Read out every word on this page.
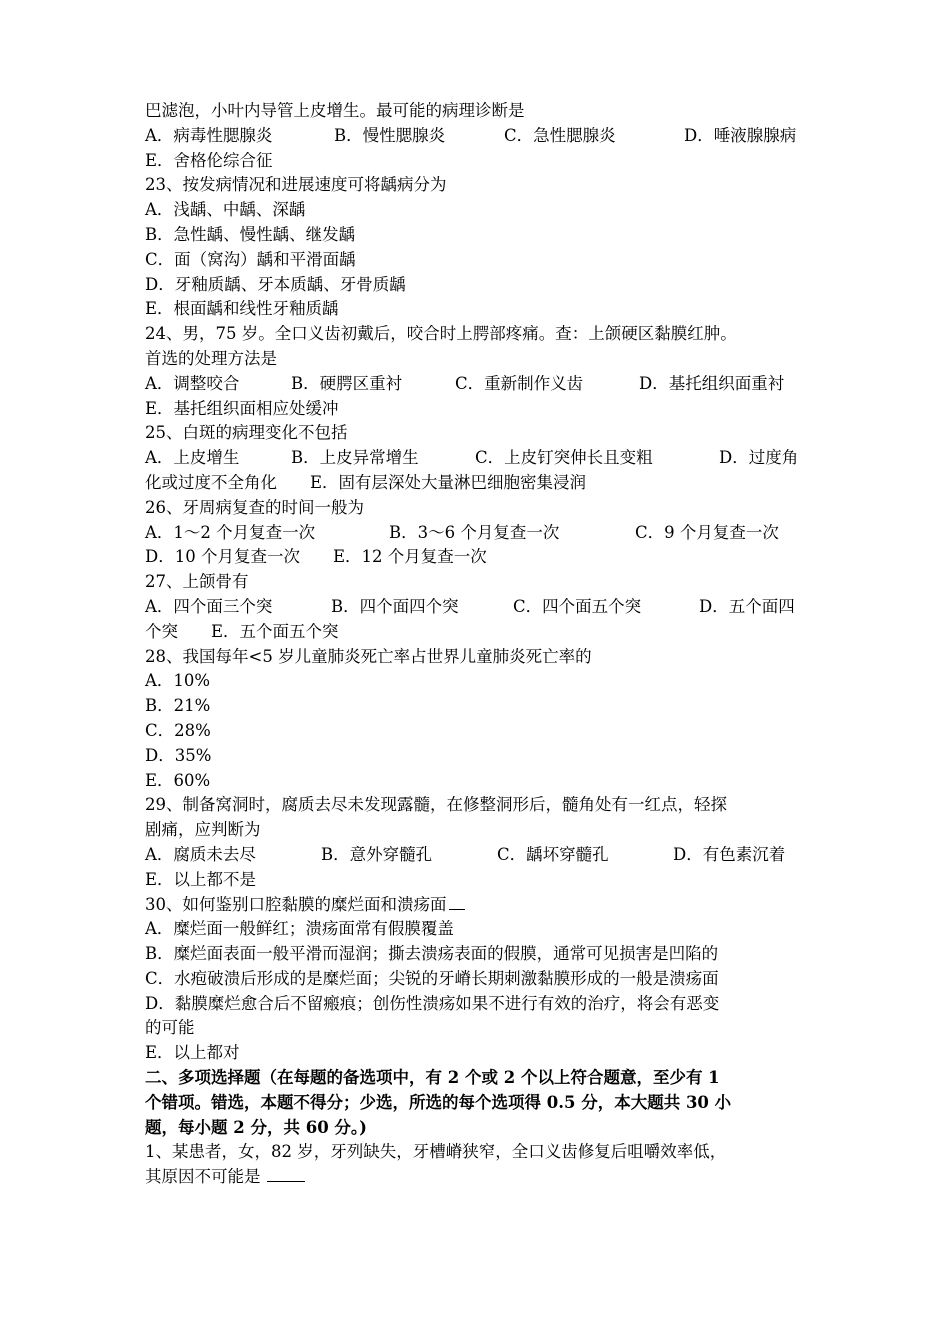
巴滤泡，小叶内导管上皮增生。最可能的病理诊断是
A．病毒性腮腺炎	B．慢性腮腺炎	C．急性腮腺炎	D．唾液腺腺病
E．舍格伦综合征
23、按发病情况和进展速度可将龋病分为
A．浅龋、中龋、深龋
B．急性龋、慢性龋、继发龋
C．面（窝沟）龋和平滑面龋
D．牙釉质龋、牙本质龋、牙骨质龋
E．根面龋和线性牙釉质龋
24、男，75 岁。全口义齿初戴后，咬合时上腭部疼痛。查：上颌硬区黏膜红肿。
首选的处理方法是
A．调整咬合	B．硬腭区重衬	C．重新制作义齿	D．基托组织面重衬
E．基托组织面相应处缓冲
25、白斑的病理变化不包括
A．上皮增生	B．上皮异常增生	C．上皮钉突伸长且变粗	D．过度角
化或过度不全角化　　E．固有层深处大量淋巴细胞密集浸润
26、牙周病复查的时间一般为
A．1～2 个月复查一次	B．3～6 个月复查一次	C．9 个月复查一次
D．10 个月复查一次　　E．12 个月复查一次
27、上颌骨有
A．四个面三个突	B．四个面四个突	C．四个面五个突	D．五个面四
个突　　E．五个面五个突
28、我国每年<5 岁儿童肺炎死亡率占世界儿童肺炎死亡率的
A．10%
B．21%
C．28%
D．35%
E．60%
29、制备窝洞时，腐质去尽未发现露髓，在修整洞形后，髓角处有一红点，轻探
剧痛，应判断为
A．腐质未去尽	B．意外穿髓孔	C．龋坏穿髓孔	D．有色素沉着
E．以上都不是
30、如何鉴别口腔黏膜的糜烂面和溃疡面
A．糜烂面一般鲜红；溃疡面常有假膜覆盖
B．糜烂面表面一般平滑而湿润；撕去溃疡表面的假膜，通常可见损害是凹陷的
C．水疱破溃后形成的是糜烂面；尖锐的牙嵴长期刺激黏膜形成的一般是溃疡面
D．黏膜糜烂愈合后不留瘢痕；创伤性溃疡如果不进行有效的治疗，将会有恶变
的可能
E．以上都对
二、多项选择题（在每题的备选项中，有 2 个或 2 个以上符合题意，至少有 1
个错项。错选，本题不得分；少选，所选的每个选项得 0.5 分，本大题共 30 小
题，每小题 2 分，共 60 分。)
1、某患者，女，82 岁，牙列缺失，牙槽嵴狭窄，全口义齿修复后咀嚼效率低，
其原因不可能是
